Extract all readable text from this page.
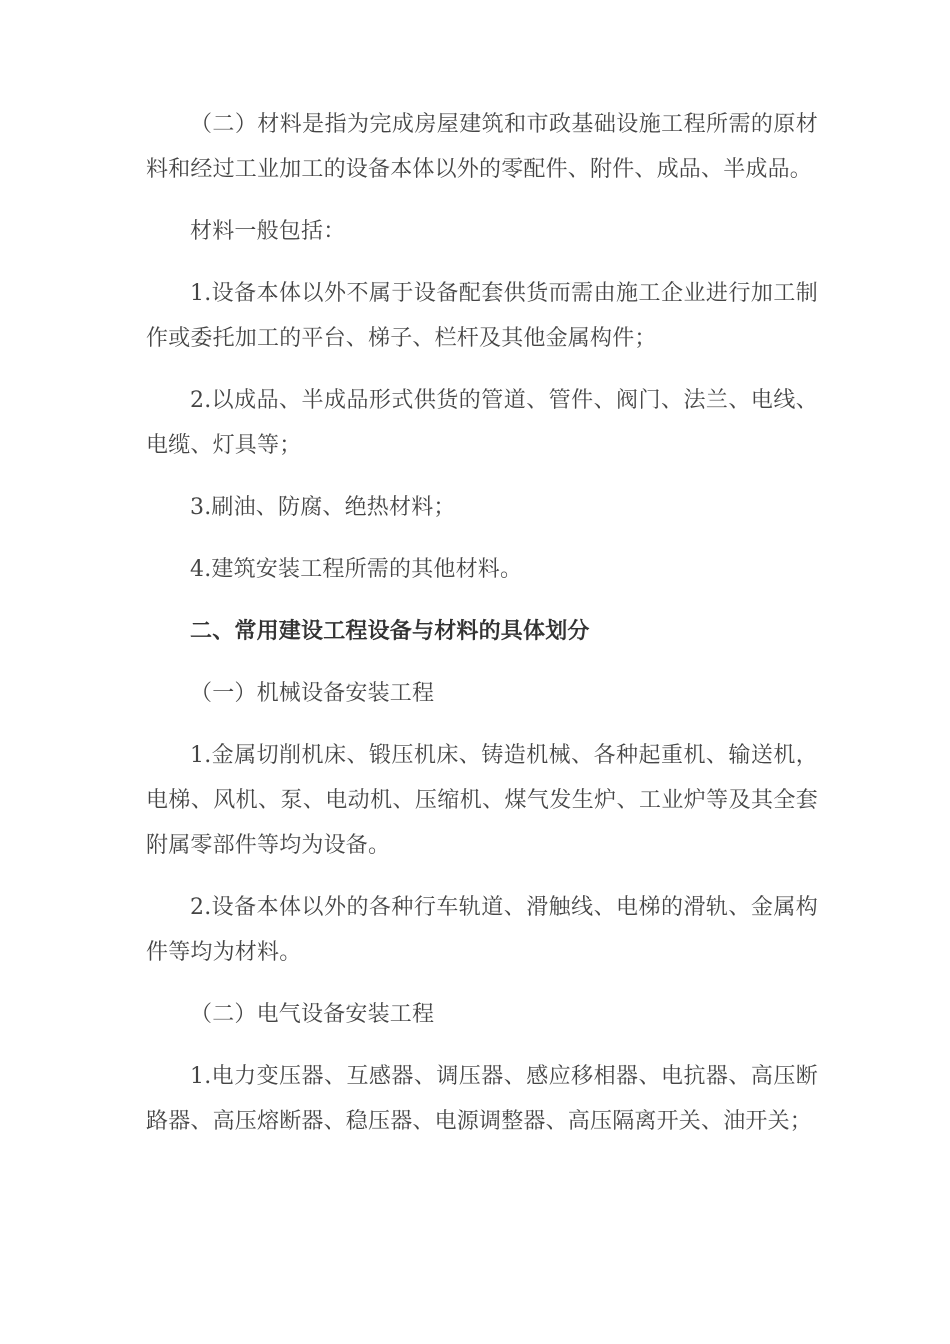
（二）材料是指为完成房屋建筑和市政基础设施工程所需的原材料和经过工业加工的设备本体以外的零配件、附件、成品、半成品。

材料一般包括：

1.设备本体以外不属于设备配套供货而需由施工企业进行加工制作或委托加工的平台、梯子、栏杆及其他金属构件；

2.以成品、半成品形式供货的管道、管件、阀门、法兰、电线、电缆、灯具等；

3.刷油、防腐、绝热材料；

4.建筑安装工程所需的其他材料。

二、常用建设工程设备与材料的具体划分

（一）机械设备安装工程

1.金属切削机床、锻压机床、铸造机械、各种起重机、输送机，电梯、风机、泵、电动机、压缩机、煤气发生炉、工业炉等及其全套附属零部件等均为设备。

2.设备本体以外的各种行车轨道、滑触线、电梯的滑轨、金属构件等均为材料。

（二）电气设备安装工程

1.电力变压器、互感器、调压器、感应移相器、电抗器、高压断路器、高压熔断器、稳压器、电源调整器、高压隔离开关、油开关；
